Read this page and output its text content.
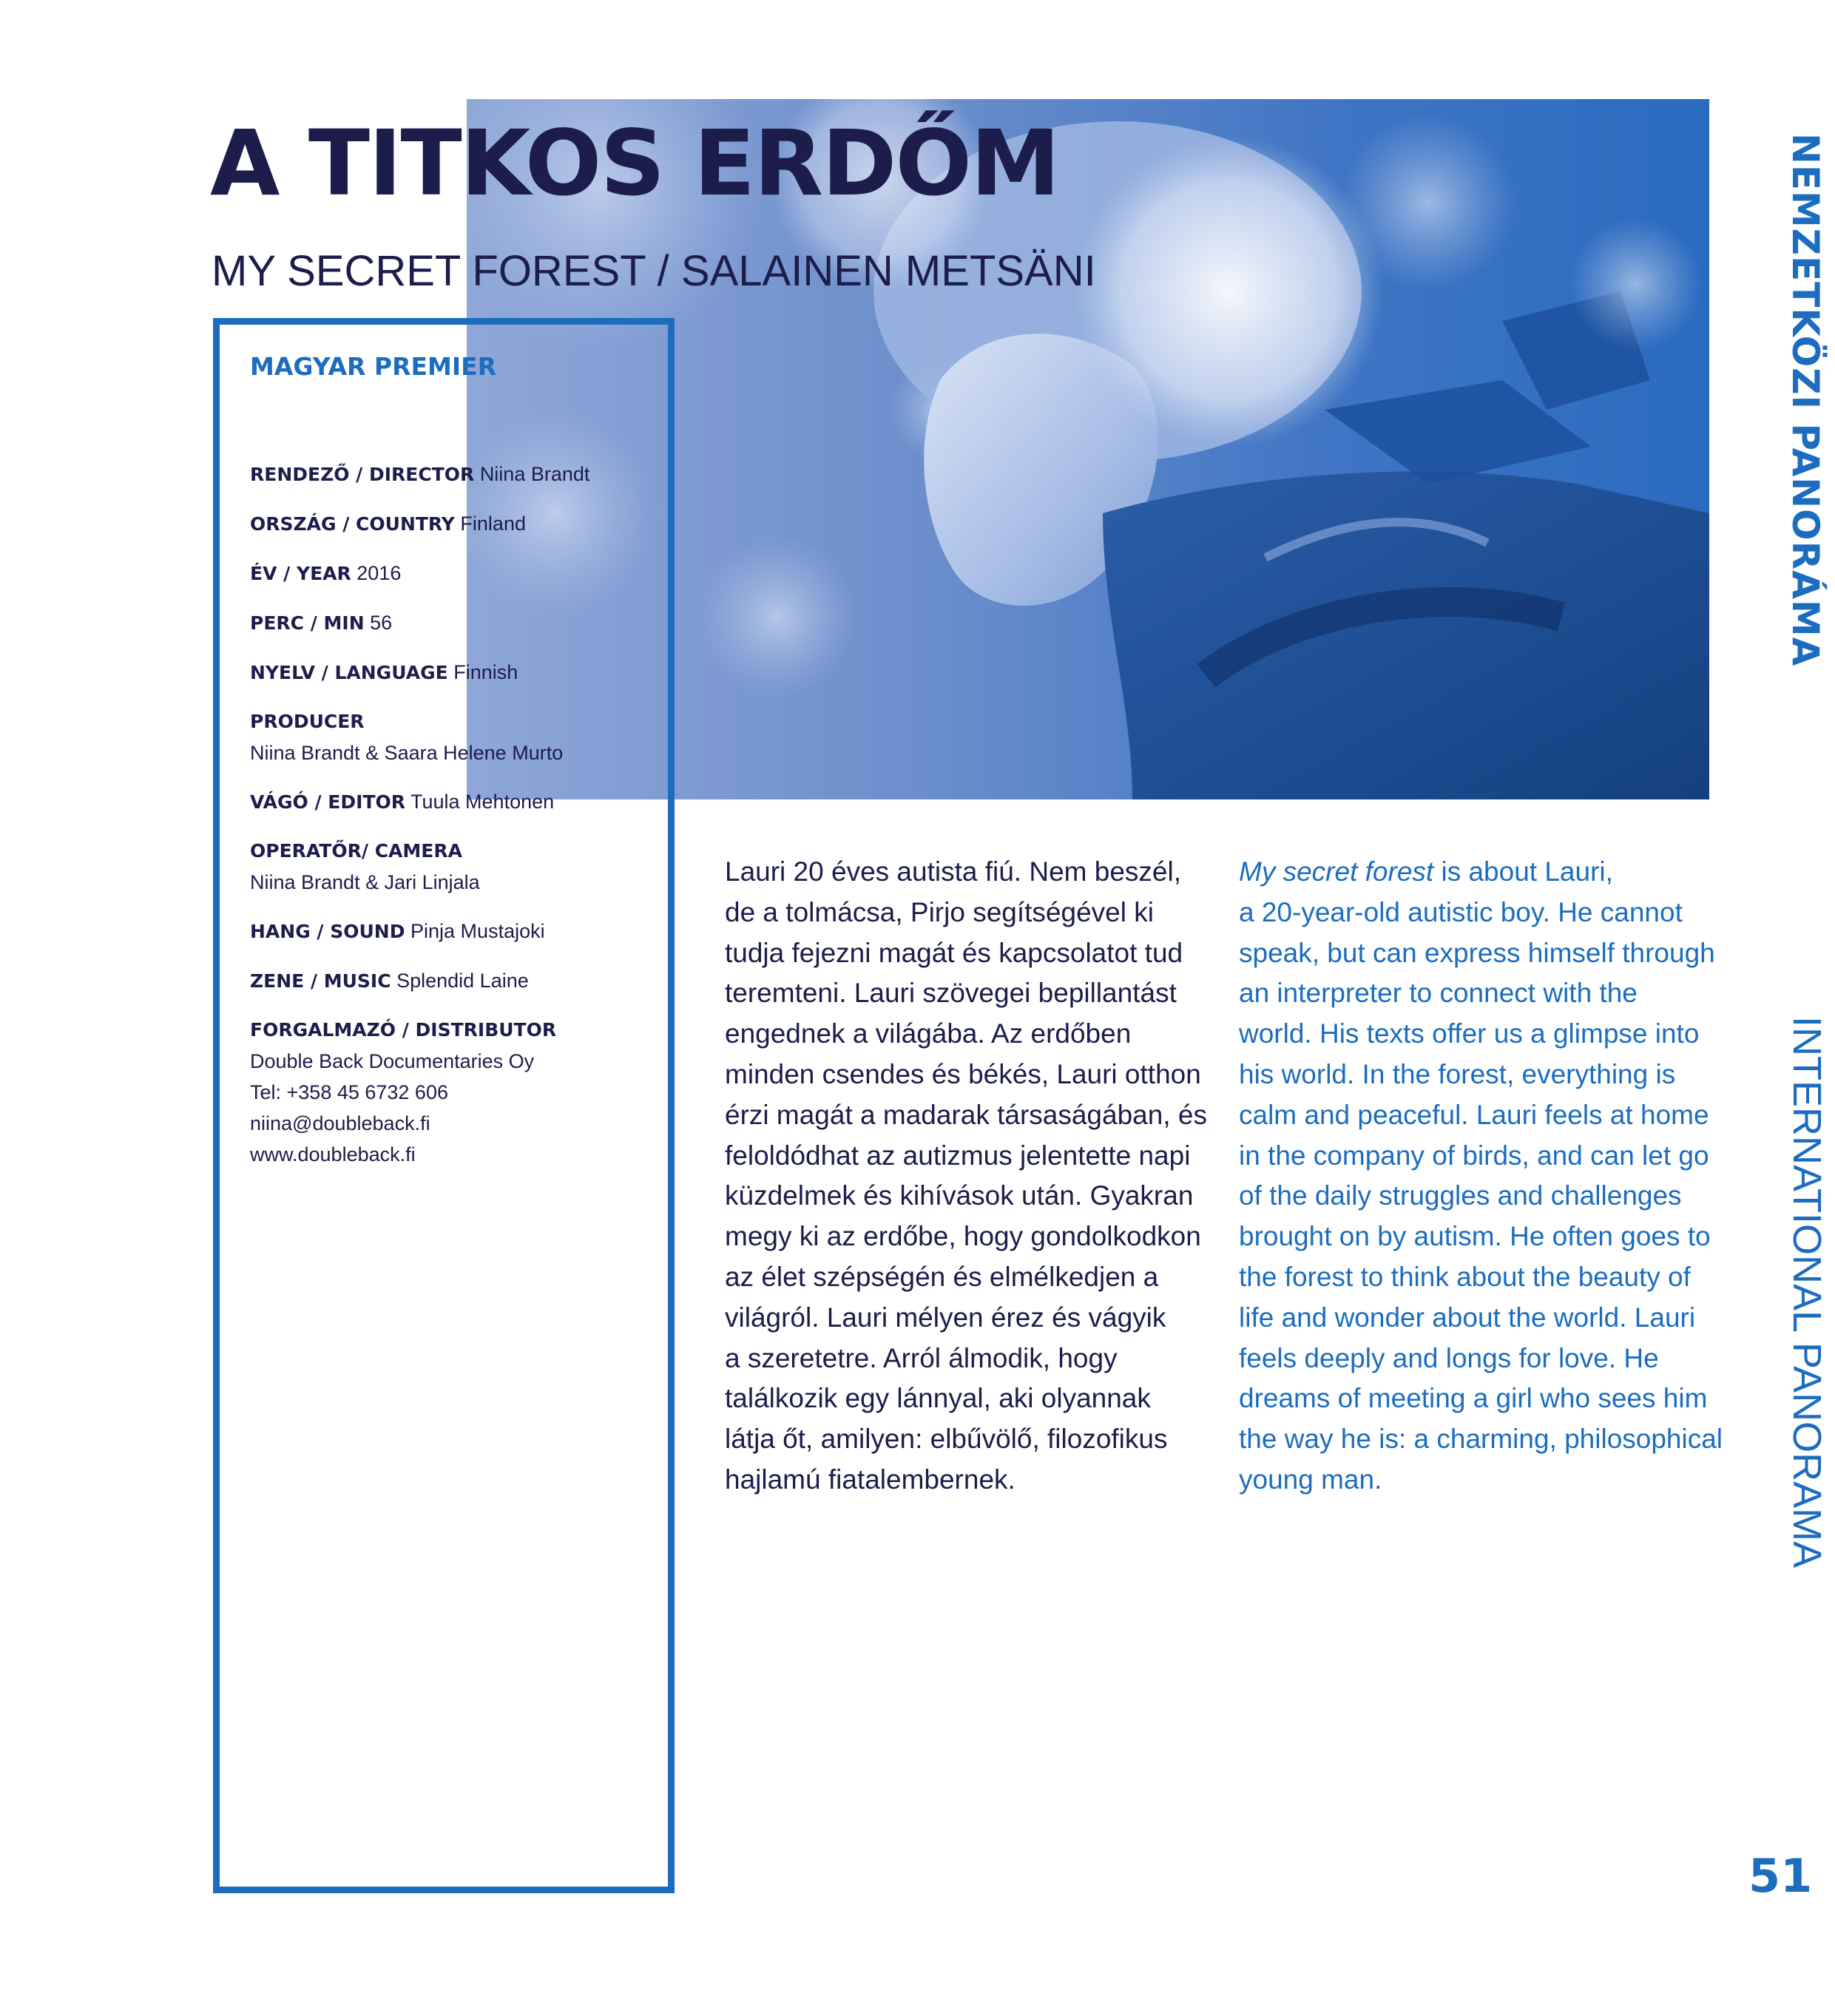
A TITKOS ERDŐM
MY SECRET FOREST / SALAINEN METSÄNI

MAGYAR PREMIER

RENDEZŐ / DIRECTOR Niina Brandt

ORSZÁG / COUNTRY Finland

ÉV / YEAR 2016

PERC / MIN 56

NYELV / LANGUAGE Finnish

PRODUCER
Niina Brandt & Saara Helene Murto

VÁGÓ / EDITOR Tuula Mehtonen

OPERATŐR/ CAMERA
Niina Brandt & Jari Linjala

HANG / SOUND Pinja Mustajoki

ZENE / MUSIC Splendid Laine

FORGALMAZÓ / DISTRIBUTOR
Double Back Documentaries Oy
Tel: +358 45 6732 606
niina@doubleback.fi
www.doubleback.fi

Lauri 20 éves autista fiú. Nem beszél,
de a tolmácsa, Pirjo segítségével ki
tudja fejezni magát és kapcsolatot tud
teremteni. Lauri szövegei bepillantást
engednek a világába. Az erdőben
minden csendes és békés, Lauri otthon
érzi magát a madarak társaságában, és
feloldódhat az autizmus jelentette napi
küzdelmek és kihívások után. Gyakran
megy ki az erdőbe, hogy gondolkodkon
az élet szépségén és elmélkedjen a
világról. Lauri mélyen érez és vágyik
a szeretetre. Arról álmodik, hogy
találkozik egy lánnyal, aki olyannak
látja őt, amilyen: elbűvölő, filozofikus
hajlamú fiatalembernek.
My secret forest is about Lauri,
a 20-year-old autistic boy. He cannot
speak, but can express himself through
an interpreter to connect with the
world. His texts offer us a glimpse into
his world. In the forest, everything is
calm and peaceful. Lauri feels at home
in the company of birds, and can let go
of the daily struggles and challenges
brought on by autism. He often goes to
the forest to think about the beauty of
life and wonder about the world. Lauri
feels deeply and longs for love. He
dreams of meeting a girl who sees him
the way he is: a charming, philosophical
young man.
NEMZETKÖZI PANORÁMA
INTERNATIONAL PANORAMA

51
